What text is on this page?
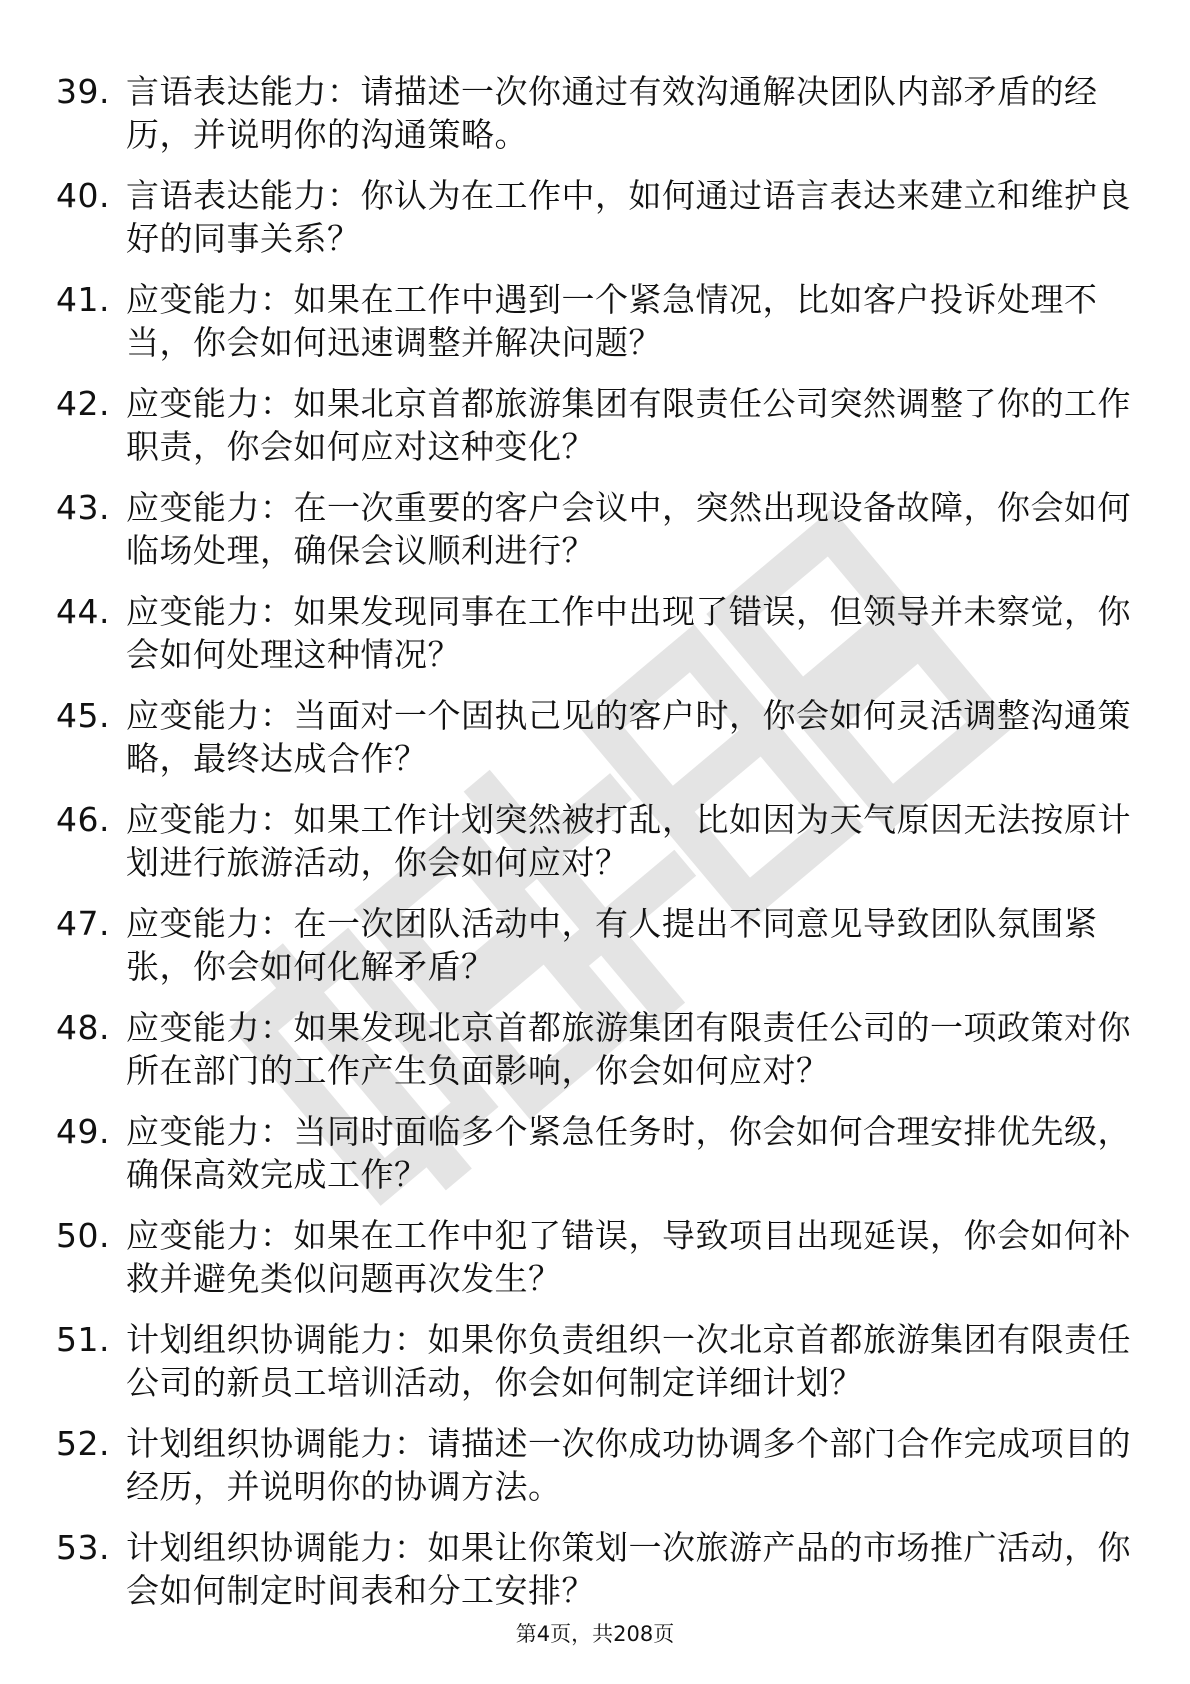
39. 言语表达能力：请描述一次你通过有效沟通解决团队内部矛盾的经历，并说明你的沟通策略。
40. 言语表达能力：你认为在工作中，如何通过语言表达来建立和维护良好的同事关系？
41. 应变能力：如果在工作中遇到一个紧急情况，比如客户投诉处理不当，你会如何迅速调整并解决问题？
42. 应变能力：如果北京首都旅游集团有限责任公司突然调整了你的工作职责，你会如何应对这种变化？
43. 应变能力：在一次重要的客户会议中，突然出现设备故障，你会如何临场处理，确保会议顺利进行？
44. 应变能力：如果发现同事在工作中出现了错误，但领导并未察觉，你会如何处理这种情况？
45. 应变能力：当面对一个固执己见的客户时，你会如何灵活调整沟通策略，最终达成合作？
46. 应变能力：如果工作计划突然被打乱，比如因为天气原因无法按原计划进行旅游活动，你会如何应对？
47. 应变能力：在一次团队活动中，有人提出不同意见导致团队氛围紧张，你会如何化解矛盾？
48. 应变能力：如果发现北京首都旅游集团有限责任公司的一项政策对你所在部门的工作产生负面影响，你会如何应对？
49. 应变能力：当同时面临多个紧急任务时，你会如何合理安排优先级，确保高效完成工作？
50. 应变能力：如果在工作中犯了错误，导致项目出现延误，你会如何补救并避免类似问题再次发生？
51. 计划组织协调能力：如果你负责组织一次北京首都旅游集团有限责任公司的新员工培训活动，你会如何制定详细计划？
52. 计划组织协调能力：请描述一次你成功协调多个部门合作完成项目的经历，并说明你的协调方法。
53. 计划组织协调能力：如果让你策划一次旅游产品的市场推广活动，你会如何制定时间表和分工安排？
第4页，共208页
